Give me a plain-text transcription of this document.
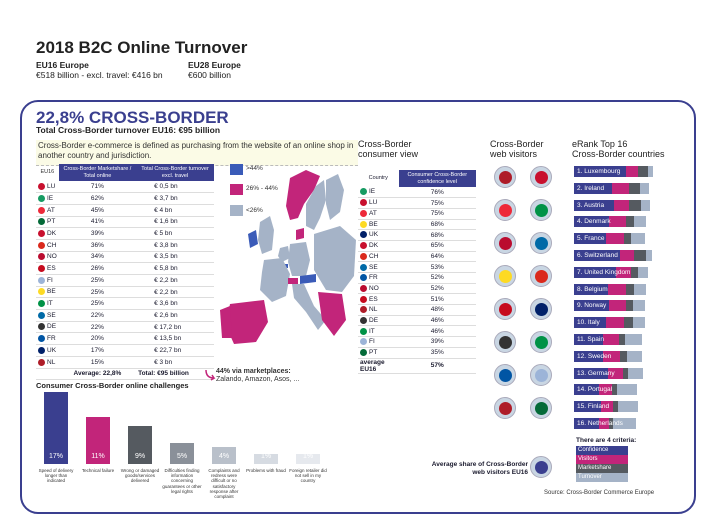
2018 B2C Online Turnover
EU16 Europe
€518 billion - excl. travel: €416 bn
EU28 Europe
€600 billion
22,8% CROSS-BORDER
Total Cross-Border turnover EU16: €95 billion
Cross-Border e-commerce is defined as purchasing from the website of an online shop in another country and jurisdiction.
EU16	Cross-Border Marketshare / Total online	Total Cross-Border turnover excl. travel
LU	71%	€ 0,5 bn
IE	62%	€ 3,7 bn
AT	45%	€ 4 bn
PT	41%	€ 1,6 bn
DK	39%	€ 5 bn
CH	36%	€ 3,8 bn
NO	34%	€ 3,5 bn
ES	26%	€ 5,8 bn
FI	25%	€ 2,2 bn
BE	25%	€ 2,2 bn
IT	25%	€ 3,6 bn
SE	22%	€ 2,6 bn
DE	22%	€ 17,2 bn
FR	20%	€ 13,5 bn
UK	17%	€ 22,7 bn
NL	15%	€ 3 bn
	Average: 22,8%	Total: €95 billion
>44%
26% - 44%
<26%
44% via marketplaces:
Zalando, Amazon, Asos, ...
Cross-Border
consumer view
Country	Consumer Cross-Border confidence level
IE	76%
LU	75%
AT	75%
BE	68%
UK	68%
DK	65%
CH	64%
SE	53%
FR	52%
NO	52%
ES	51%
NL	48%
DE	46%
IT	46%
FI	39%
PT	35%
average EU16	57%
Cross-Border
web visitors
Average share of Cross-Border web visitors EU16
eRank Top 16
Cross-Border countries
1. Luxembourg
2. Ireland
3. Austria
4. Denmark
5. France
6. Switzerland
7. United Kingdom
8. Belgium
9. Norway
10. Italy
11. Spain
12. Sweden
13. Germany
14. Portugal
15. Finland
16. Netherlands
There are 4 criteria:
Confidence
Visitors
Marketshare
Turnover
Consumer Cross-Border online challenges
17%
Speed of delivery longer than indicated
11%
Technical failure
9%
Wrong or damaged goods/services delivered
5%
Difficulties finding information concerning guarantees or other legal rights
4%
Complaints and redress were difficult or no satisfactory response after complaint
1%
Problems with fraud
1%
Foreign retailer did not sell in my country
Source: Cross-Border Commerce Europe
